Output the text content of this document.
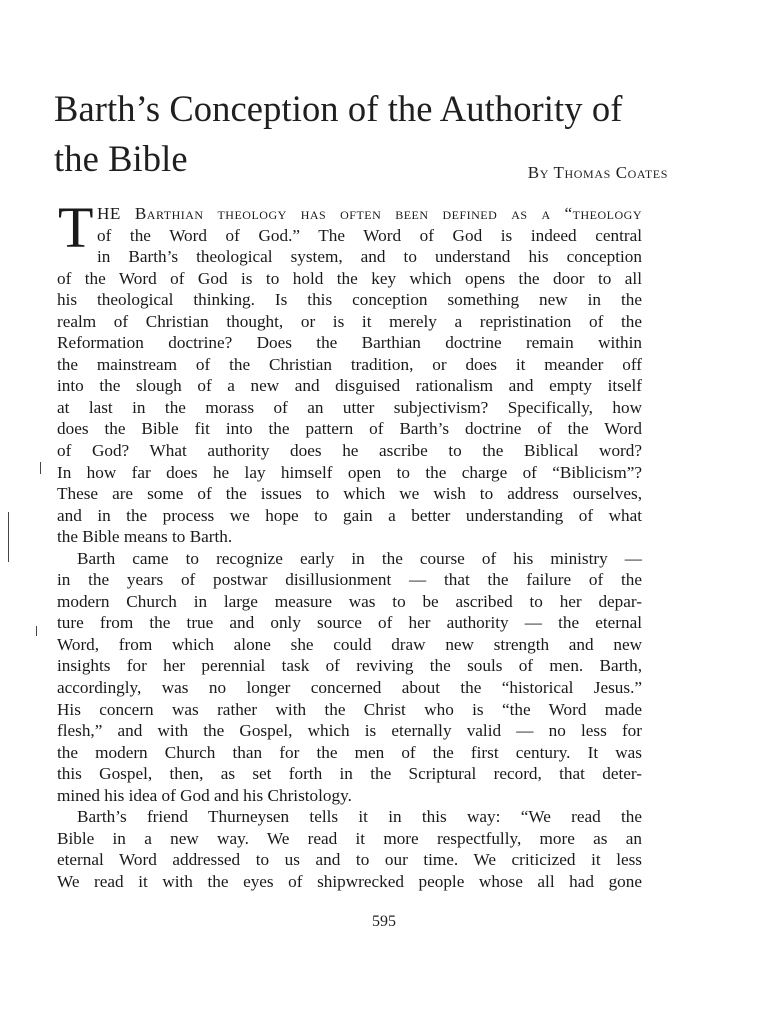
Barth’s Conception of the Authority of the Bible	By Thomas Coates
T HE Barthian theology has often been defined as a “theology
of the Word of God.” The Word of God is indeed central
in Barth’s theological system, and to understand his conception
of the Word of God is to hold the key which opens the door to all
his theological thinking. Is this conception something new in the
realm of Christian thought, or is it merely a repristination of the
Reformation doctrine? Does the Barthian doctrine remain within
the mainstream of the Christian tradition, or does it meander off
into the slough of a new and disguised rationalism and empty itself
at last in the morass of an utter subjectivism? Specifically, how
does the Bible fit into the pattern of Barth’s doctrine of the Word
of God? What authority does he ascribe to the Biblical word?
In how far does he lay himself open to the charge of “Biblicism”?
These are some of the issues to which we wish to address ourselves,
and in the process we hope to gain a better understanding of what
the Bible means to Barth.
Barth came to recognize early in the course of his ministry —
in the years of postwar disillusionment — that the failure of the
modern Church in large measure was to be ascribed to her depar-
ture from the true and only source of her authority — the eternal
Word, from which alone she could draw new strength and new
insights for her perennial task of reviving the souls of men. Barth,
accordingly, was no longer concerned about the “historical Jesus.”
His concern was rather with the Christ who is “the Word made
flesh,” and with the Gospel, which is eternally valid — no less for
the modern Church than for the men of the first century. It was
this Gospel, then, as set forth in the Scriptural record, that deter-
mined his idea of God and his Christology.
Barth’s friend Thurneysen tells it in this way: “We read the
Bible in a new way. We read it more respectfully, more as an
eternal Word addressed to us and to our time. We criticized it less
We read it with the eyes of shipwrecked people whose all had gone
595
